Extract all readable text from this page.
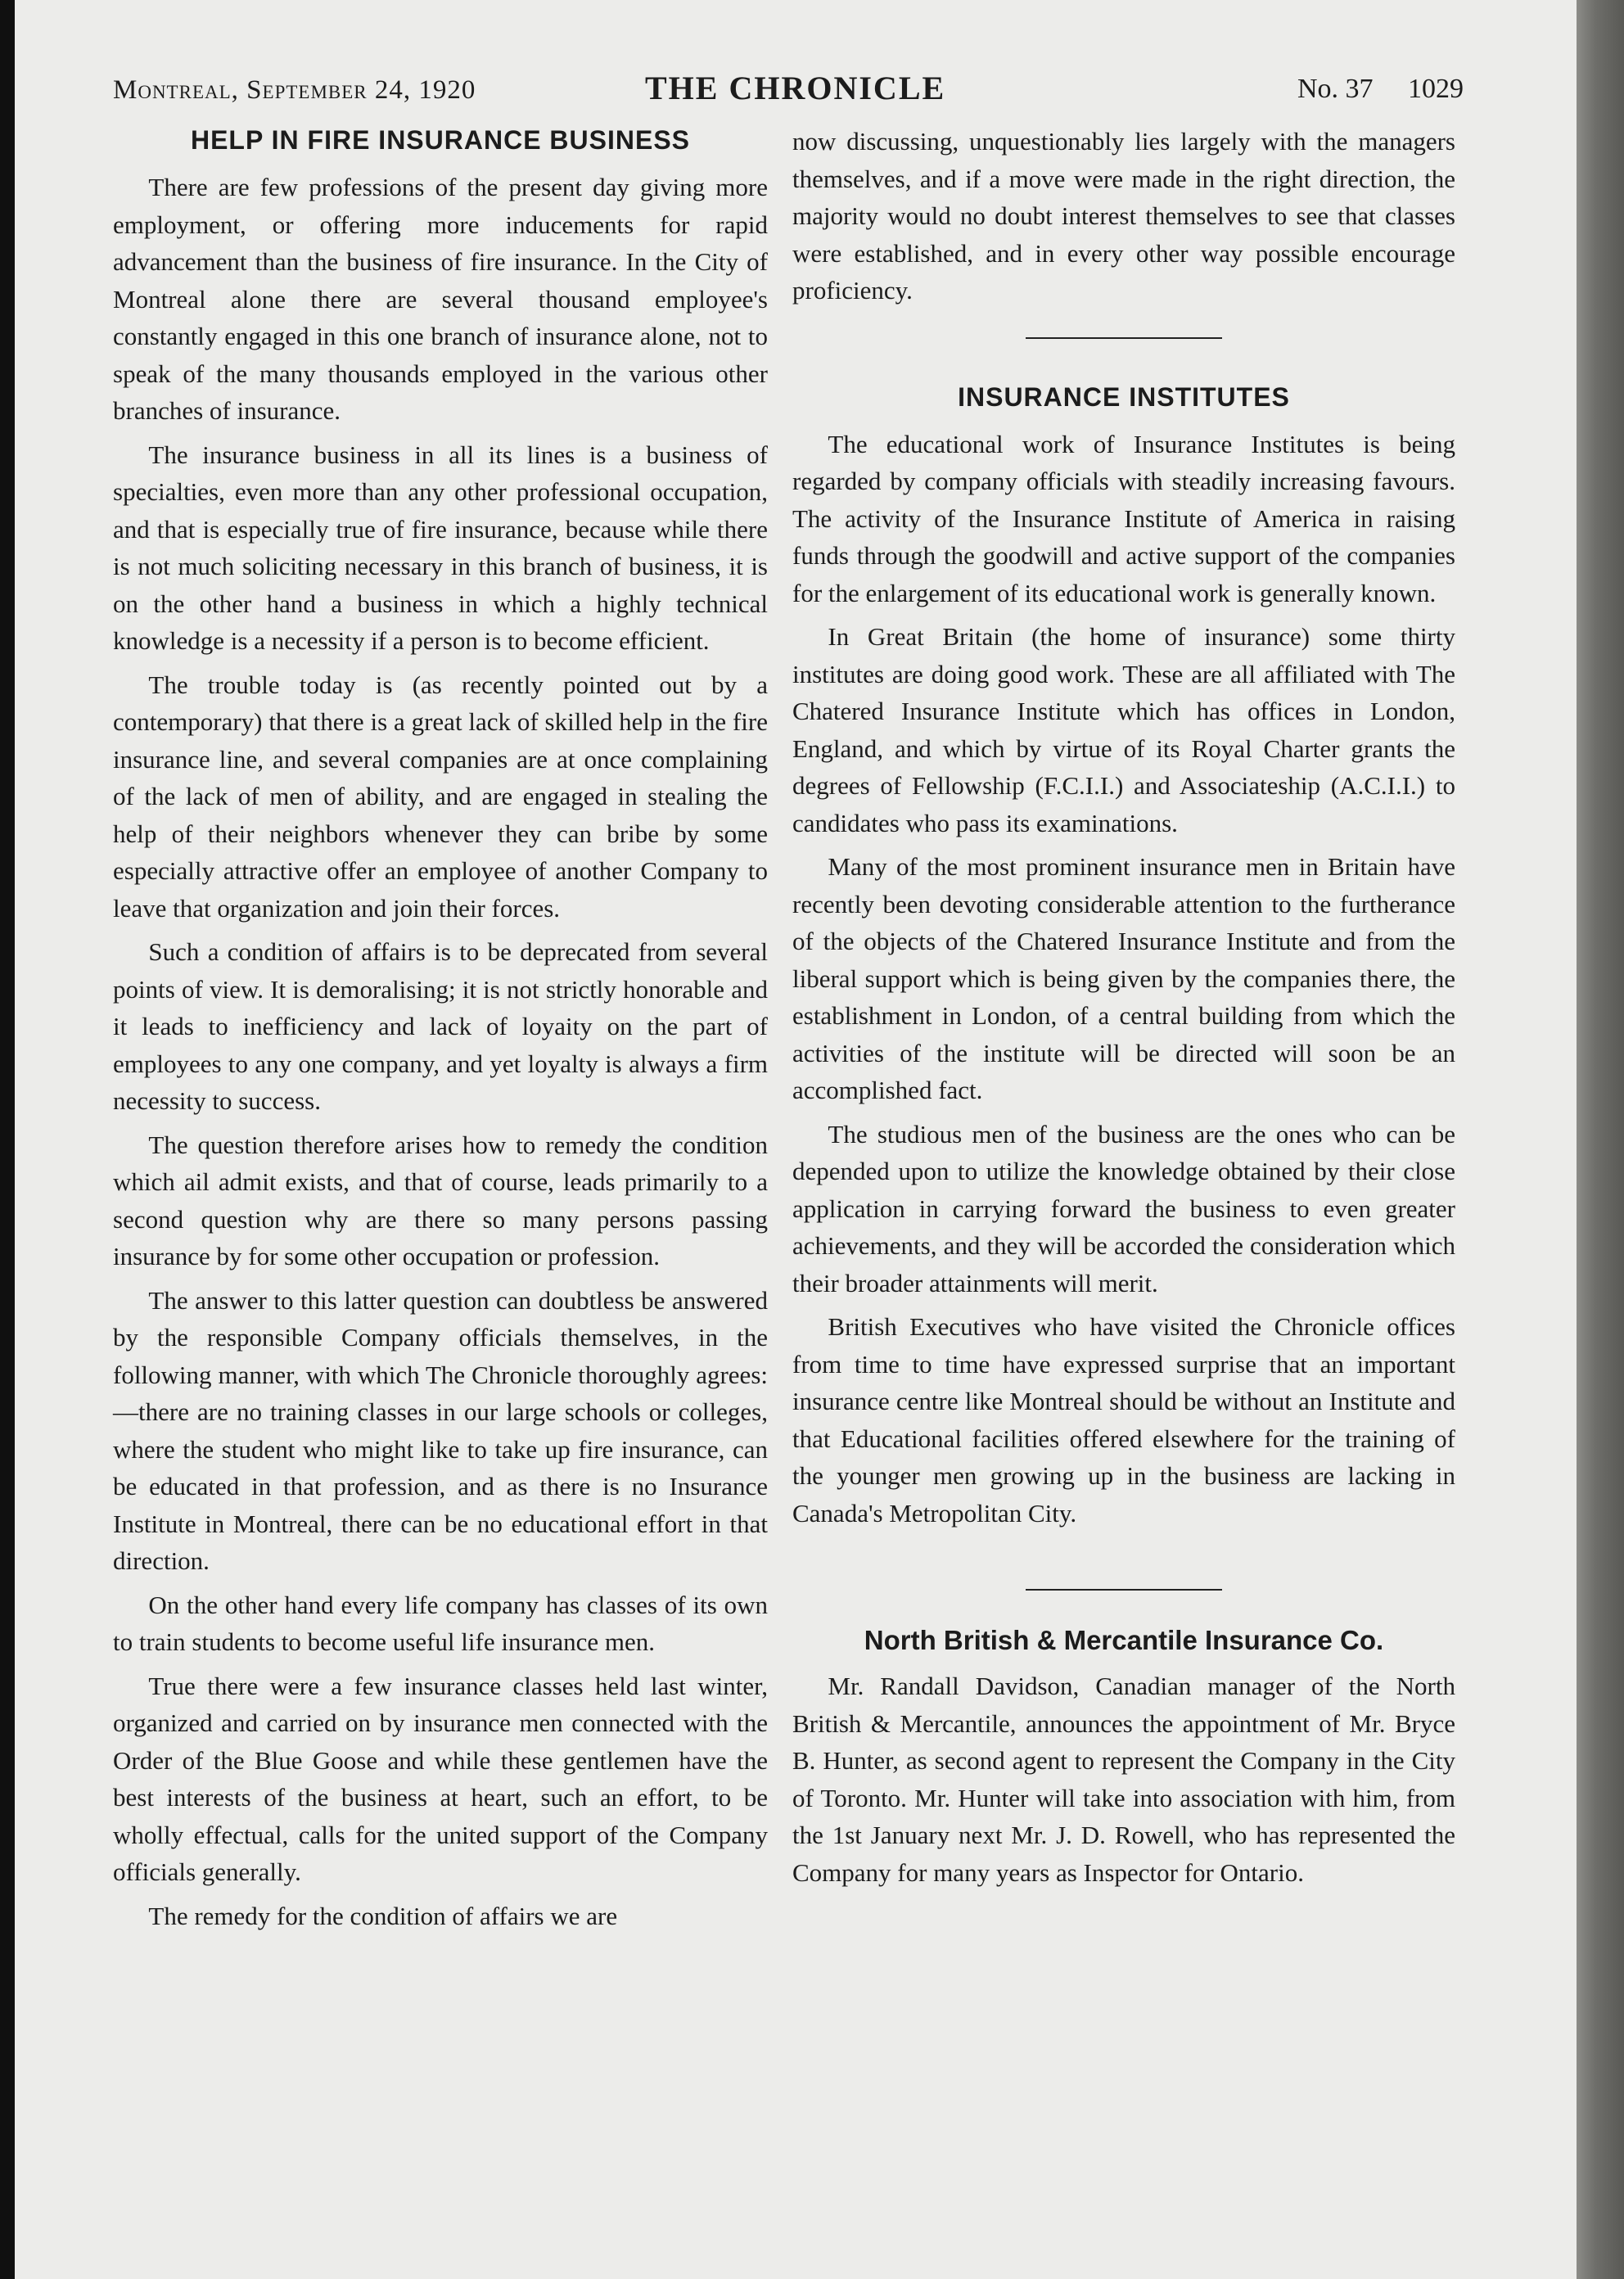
Montreal, September 24, 1920	THE CHRONICLE	No. 37 1029
HELP IN FIRE INSURANCE BUSINESS

There are few professions of the present day giving more employment, or offering more inducements for rapid advancement than the business of fire insurance. In the City of Montreal alone there are several thousand employee's constantly engaged in this one branch of insurance alone, not to speak of the many thousands employed in the various other branches of insurance.

The insurance business in all its lines is a business of specialties, even more than any other professional occupation, and that is especially true of fire insurance, because while there is not much soliciting necessary in this branch of business, it is on the other hand a business in which a highly technical knowledge is a necessity if a person is to become efficient.

The trouble today is (as recently pointed out by a contemporary) that there is a great lack of skilled help in the fire insurance line, and several companies are at once complaining of the lack of men of ability, and are engaged in stealing the help of their neighbors whenever they can bribe by some especially attractive offer an employee of another Company to leave that organization and join their forces.

Such a condition of affairs is to be deprecated from several points of view. It is demoralising; it is not strictly honorable and it leads to inefficiency and lack of loyaity on the part of employees to any one company, and yet loyalty is always a firm necessity to success.

The question therefore arises how to remedy the condition which ail admit exists, and that of course, leads primarily to a second question why are there so many persons passing insurance by for some other occupation or profession.

The answer to this latter question can doubtless be answered by the responsible Company officials themselves, in the following manner, with which The Chronicle thoroughly agrees:—there are no training classes in our large schools or colleges, where the student who might like to take up fire insurance, can be educated in that profession, and as there is no Insurance Institute in Montreal, there can be no educational effort in that direction.

On the other hand every life company has classes of its own to train students to become useful life insurance men.

True there were a few insurance classes held last winter, organized and carried on by insurance men connected with the Order of the Blue Goose and while these gentlemen have the best interests of the business at heart, such an effort, to be wholly effectual, calls for the united support of the Company officials generally.

The remedy for the condition of affairs we are

now discussing, unquestionably lies largely with the managers themselves, and if a move were made in the right direction, the majority would no doubt interest themselves to see that classes were established, and in every other way possible encourage proficiency.

INSURANCE INSTITUTES

The educational work of Insurance Institutes is being regarded by company officials with steadily increasing favours. The activity of the Insurance Institute of America in raising funds through the goodwill and active support of the companies for the enlargement of its educational work is generally known.

In Great Britain (the home of insurance) some thirty institutes are doing good work. These are all affiliated with The Chatered Insurance Institute which has offices in London, England, and which by virtue of its Royal Charter grants the degrees of Fellowship (F.C.I.I.) and Associateship (A.C.I.I.) to candidates who pass its examinations.

Many of the most prominent insurance men in Britain have recently been devoting considerable attention to the furtherance of the objects of the Chatered Insurance Institute and from the liberal support which is being given by the companies there, the establishment in London, of a central building from which the activities of the institute will be directed will soon be an accomplished fact.

The studious men of the business are the ones who can be depended upon to utilize the knowledge obtained by their close application in carrying forward the business to even greater achievements, and they will be accorded the consideration which their broader attainments will merit.

British Executives who have visited the Chronicle offices from time to time have expressed surprise that an important insurance centre like Montreal should be without an Institute and that Educational facilities offered elsewhere for the training of the younger men growing up in the business are lacking in Canada's Metropolitan City.

North British & Mercantile Insurance Co.

Mr. Randall Davidson, Canadian manager of the North British & Mercantile, announces the appointment of Mr. Bryce B. Hunter, as second agent to represent the Company in the City of Toronto. Mr. Hunter will take into association with him, from the 1st January next Mr. J. D. Rowell, who has represented the Company for many years as Inspector for Ontario.
